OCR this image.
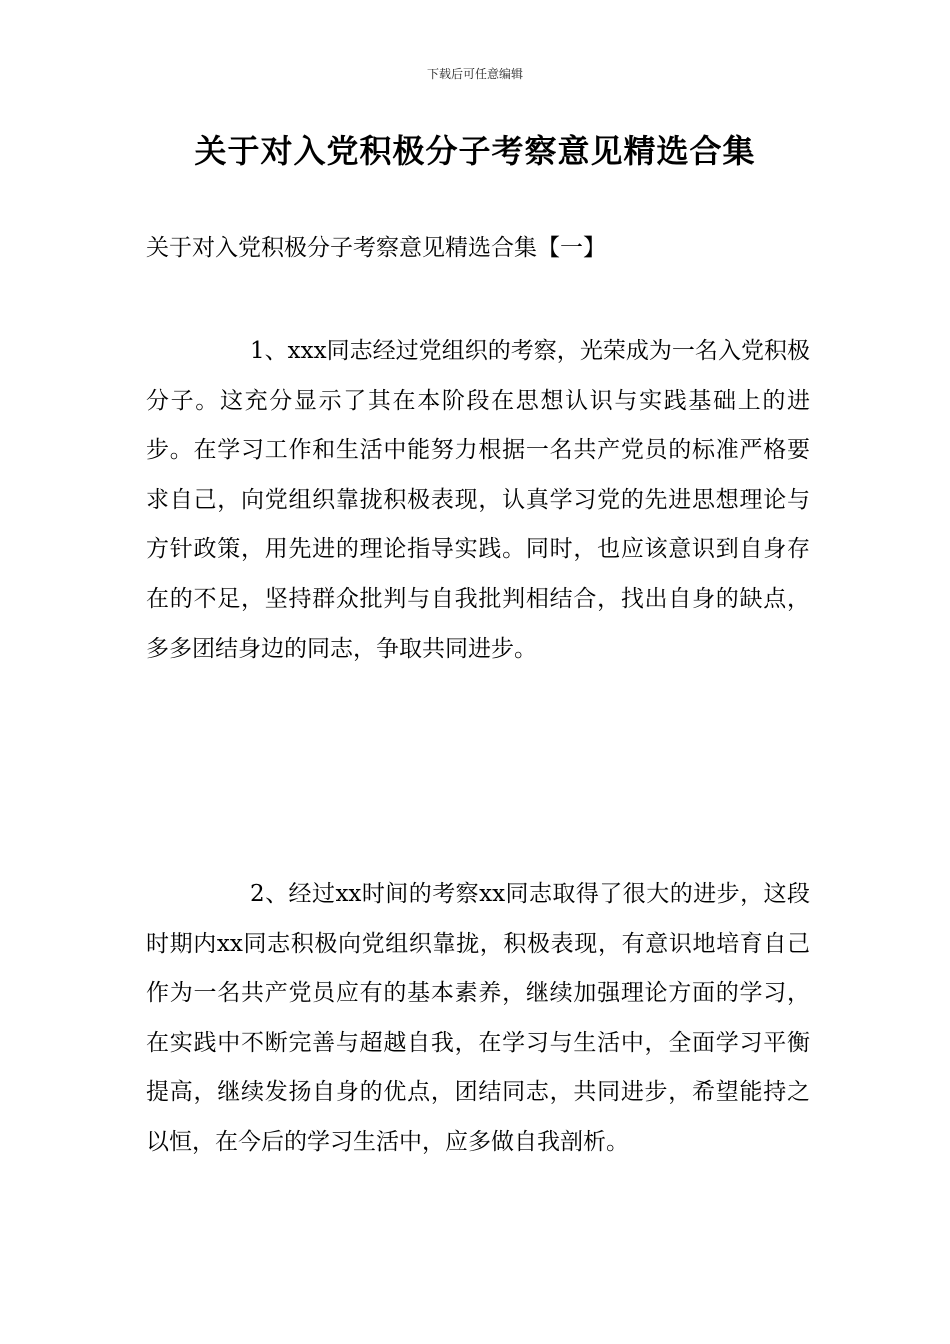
下载后可任意编辑
关于对入党积极分子考察意见精选合集
关于对入党积极分子考察意见精选合集【一】

1、xxx同志经过党组织的考察，光荣成为一名入党积极分子。这充分显示了其在本阶段在思想认识与实践基础上的进步。在学习工作和生活中能努力根据一名共产党员的标准严格要求自己，向党组织靠拢积极表现，认真学习党的先进思想理论与方针政策，用先进的理论指导实践。同时，也应该意识到自身存在的不足，坚持群众批判与自我批判相结合，找出自身的缺点，多多团结身边的同志，争取共同进步。

2、经过xx时间的考察xx同志取得了很大的进步，这段时期内xx同志积极向党组织靠拢，积极表现，有意识地培育自己作为一名共产党员应有的基本素养，继续加强理论方面的学习，在实践中不断完善与超越自我，在学习与生活中，全面学习平衡提高，继续发扬自身的优点，团结同志，共同进步，希望能持之以恒，在今后的学习生活中，应多做自我剖析。
